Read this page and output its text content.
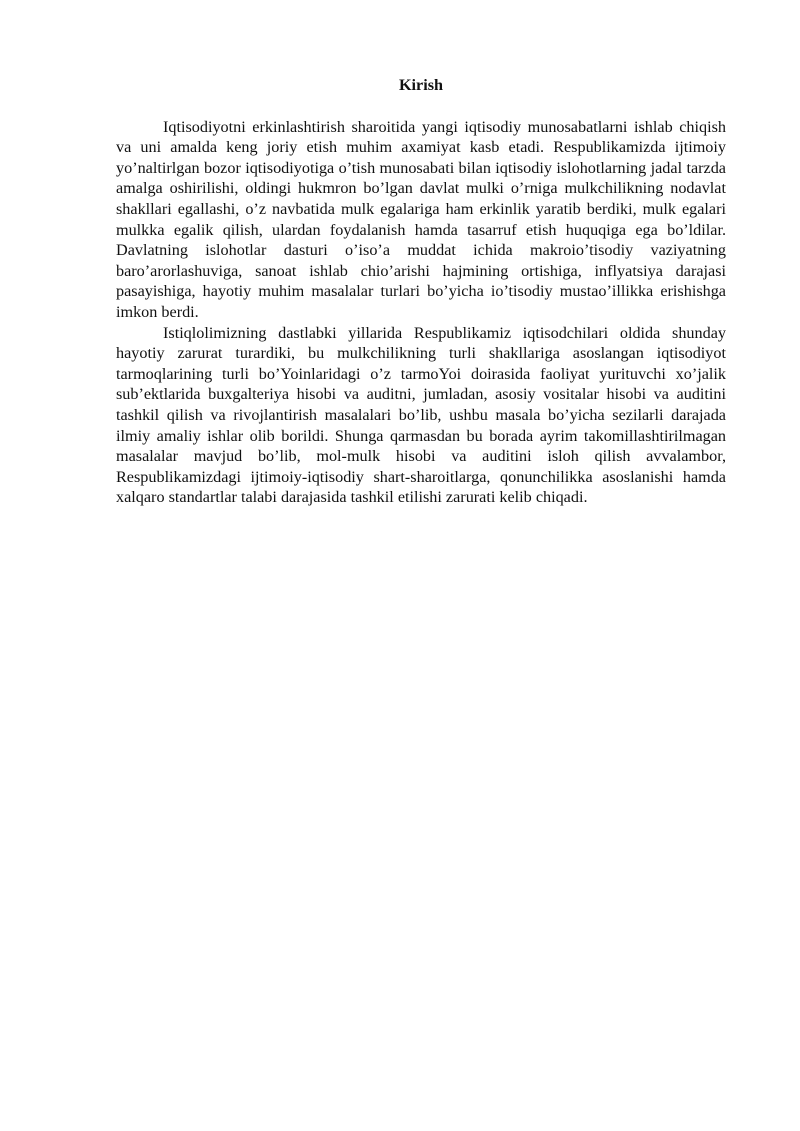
Kirish

Iqtisodiyotni erkinlashtirish sharoitida yangi iqtisodiy munosabatlarni ishlab chiqish va uni amalda keng joriy etish muhim axamiyat kasb etadi. Respublikamizda ijtimoiy yo’naltirlgan bozor iqtisodiyotiga o’tish munosabati bilan iqtisodiy islohotlarning jadal tarzda amalga oshirilishi, oldingi hukmron bo’lgan davlat mulki o’rniga mulkchilikning nodavlat shakllari egallashi, o’z navbatida mulk egalariga ham erkinlik yaratib berdiki, mulk egalari mulkka egalik qilish, ulardan foydalanish hamda tasarruf etish huquqiga ega bo’ldilar. Davlatning islohotlar dasturi o’iso’a muddat ichida makroio’tisodiy vaziyatning baro’arorlashuviga, sanoat ishlab chio’arishi hajmining ortishiga, inflyatsiya darajasi pasayishiga, hayotiy muhim masalalar turlari bo’yicha io’tisodiy mustao’illikka erishishga imkon berdi.

Istiqlolimizning dastlabki yillarida Respublikamiz iqtisodchilari oldida shunday hayotiy zarurat turardiki, bu mulkchilikning turli shakllariga asoslangan iqtisodiyot tarmoqlarining turli bo’Yoinlaridagi o’z tarmoYoi doirasida faoliyat yurituvchi xo’jalik sub’ektlarida buxgalteriya hisobi va auditni, jumladan, asosiy vositalar hisobi va auditini tashkil qilish va rivojlantirish masalalari bo’lib, ushbu masala bo’yicha sezilarli darajada ilmiy amaliy ishlar olib borildi. Shunga qarmasdan bu borada ayrim takomillashtirilmagan masalalar mavjud bo’lib, mol-mulk hisobi va auditini isloh qilish avvalambor, Respublikamizdagi ijtimoiy-iqtisodiy shart-sharoitlarga, qonunchilikka asoslanishi hamda xalqaro standartlar talabi darajasida tashkil etilishi zarurati kelib chiqadi.
